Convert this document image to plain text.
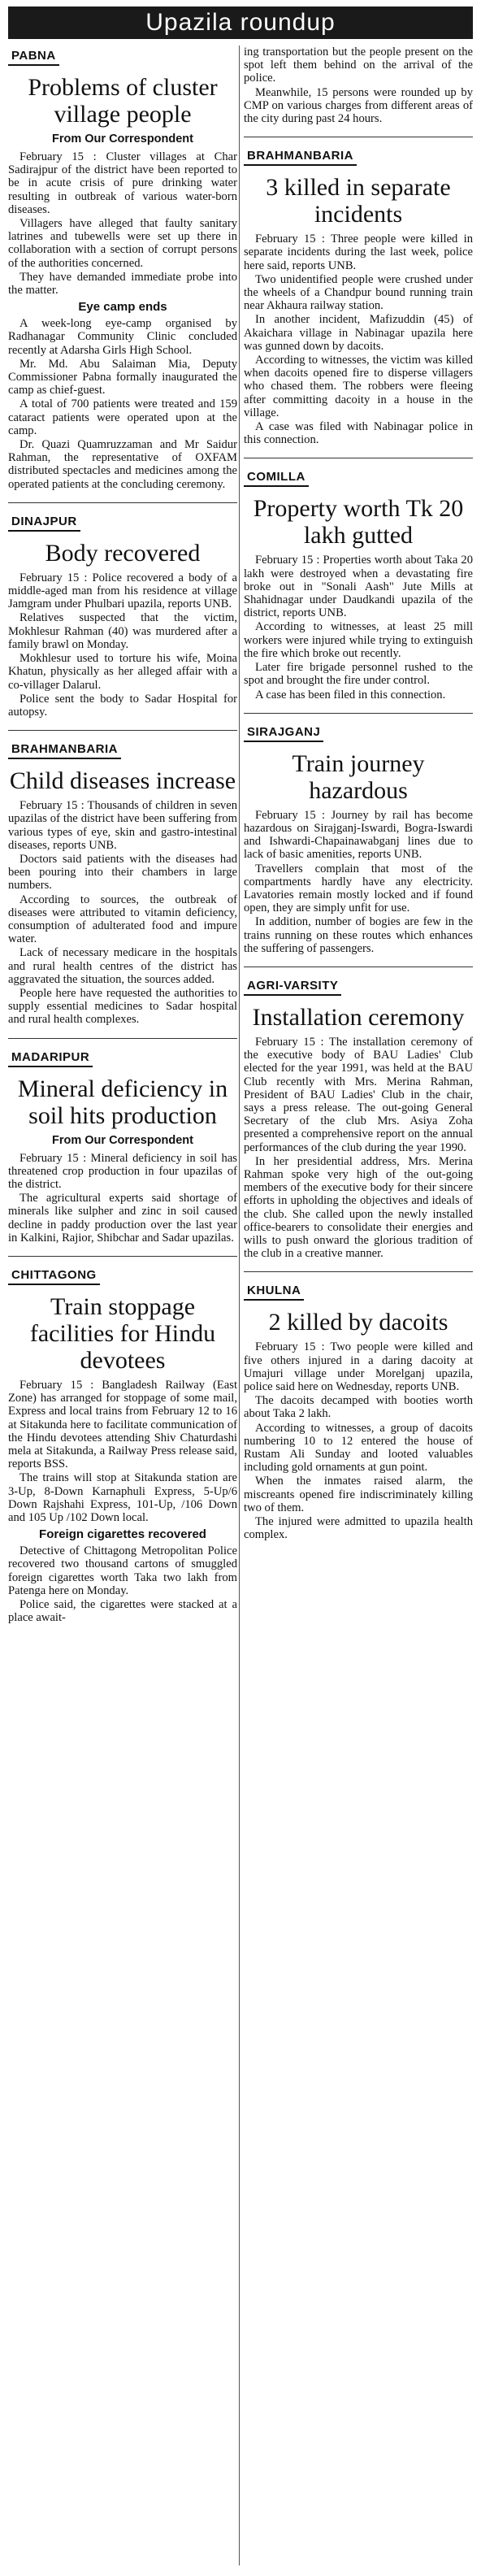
Upazila roundup
PABNA
Problems of cluster village people
From Our Correspondent

February 15 : Cluster villages at Char Sadirajpur of the district have been reported to be in acute crisis of pure drinking water resulting in outbreak of various water-born diseases.

Villagers have alleged that faulty sanitary latrines and tubewells were set up there in collaboration with a section of corrupt persons of the authorities concerned.

They have demanded immediate probe into the matter.

Eye camp ends

A week-long eye-camp organised by Radhanagar Community Clinic concluded recently at Adarsha Girls High School.

Mr. Md. Abu Salaiman Mia, Deputy Commissioner Pabna formally inaugurated the camp as chief-guest.

A total of 700 patients were treated and 159 cataract patients were operated upon at the camp.

Dr. Quazi Quamruzzaman and Mr Saidur Rahman, the representative of OXFAM distributed spectacles and medicines among the operated patients at the concluding ceremony.

DINAJPUR
Body recovered

February 15 : Police recovered a body of a middle-aged man from his residence at village Jamgram under Phulbari upazila, reports UNB.

Relatives suspected that the victim, Mokhlesur Rahman (40) was murdered after a family brawl on Monday.

Mokhlesur used to torture his wife, Moina Khatun, physically as her alleged affair with a co-villager Dalarul.

Police sent the body to Sadar Hospital for autopsy.

BRAHMANBARIA
Child diseases increase

February 15 : Thousands of children in seven upazilas of the district have been suffering from various types of eye, skin and gastro-intestinal diseases, reports UNB.

Doctors said patients with the diseases had been pouring into their chambers in large numbers.

According to sources, the outbreak of diseases were attributed to vitamin deficiency, consumption of adulterated food and impure water.

Lack of necessary medicare in the hospitals and rural health centres of the district has aggravated the situation, the sources added.

People here have requested the authorities to supply essential medicines to Sadar hospital and rural health complexes.

MADARIPUR
Mineral deficiency in soil hits production
From Our Correspondent

February 15 : Mineral deficiency in soil has threatened crop production in four upazilas of the district.

The agricultural experts said shortage of minerals like sulpher and zinc in soil caused decline in paddy production over the last year in Kalkini, Rajior, Shibchar and Sadar upazilas.

CHITTAGONG
Train stoppage facilities for Hindu devotees

February 15 : Bangladesh Railway (East Zone) has arranged for stoppage of some mail, Express and local trains from February 12 to 16 at Sitakunda here to facilitate communication of the Hindu devotees attending Shiv Chaturdashi mela at Sitakunda, a Railway Press release said, reports BSS.

The trains will stop at Sitakunda station are 3-Up, 8-Down Karnaphuli Express, 5-Up/6 Down Rajshahi Express, 101-Up, /106 Down and 105 Up /102 Down local.

Foreign cigarettes recovered

Detective of Chittagong Metropolitan Police recovered two thousand cartons of smuggled foreign cigarettes worth Taka two lakh from Patenga here on Monday.

Police said, the cigarettes were stacked at a place await-

ing transportation but the people present on the spot left them behind on the arrival of the police.

Meanwhile, 15 persons were rounded up by CMP on various charges from different areas of the city during past 24 hours.

BRAHMANBARIA
3 killed in separate incidents

February 15 : Three people were killed in separate incidents during the last week, police here said, reports UNB.

Two unidentified people were crushed under the wheels of a Chandpur bound running train near Akhaura railway station.

In another incident, Mafizuddin (45) of Akaichara village in Nabinagar upazila here was gunned down by dacoits.

According to witnesses, the victim was killed when dacoits opened fire to disperse villagers who chased them. The robbers were fleeing after committing dacoity in a house in the village.

A case was filed with Nabinagar police in this connection.

COMILLA
Property worth Tk 20 lakh gutted

February 15 : Properties worth about Taka 20 lakh were destroyed when a devastating fire broke out in "Sonali Aash" Jute Mills at Shahidnagar under Daudkandi upazila of the district, reports UNB.

According to witnesses, at least 25 mill workers were injured while trying to extinguish the fire which broke out recently.

Later fire brigade personnel rushed to the spot and brought the fire under control.

A case has been filed in this connection.

SIRAJGANJ
Train journey hazardous

February 15 : Journey by rail has become hazardous on Sirajganj-Iswardi, Bogra-Iswardi and Ishwardi-Chapainawabganj lines due to lack of basic amenities, reports UNB.

Travellers complain that most of the compartments hardly have any electricity. Lavatories remain mostly locked and if found open, they are simply unfit for use.

In addition, number of bogies are few in the trains running on these routes which enhances the suffering of passengers.

AGRI-VARSITY
Installation ceremony

February 15 : The installation ceremony of the executive body of BAU Ladies' Club elected for the year 1991, was held at the BAU Club recently with Mrs. Merina Rahman, President of BAU Ladies' Club in the chair, says a press release. The out-going General Secretary of the club Mrs. Asiya Zoha presented a comprehensive report on the annual performances of the club during the year 1990.

In her presidential address, Mrs. Merina Rahman spoke very high of the out-going members of the executive body for their sincere efforts in upholding the objectives and ideals of the club. She called upon the newly installed office-bearers to consolidate their energies and wills to push onward the glorious tradition of the club in a creative manner.

KHULNA
2 killed by dacoits

February 15 : Two people were killed and five others injured in a daring dacoity at Umajuri village under Morelganj upazila, police said here on Wednesday, reports UNB.

The dacoits decamped with booties worth about Taka 2 lakh.

According to witnesses, a group of dacoits numbering 10 to 12 entered the house of Rustam Ali Sunday and looted valuables including gold ornaments at gun point.

When the inmates raised alarm, the miscreants opened fire indiscriminately killing two of them.

The injured were admitted to upazila health complex.
